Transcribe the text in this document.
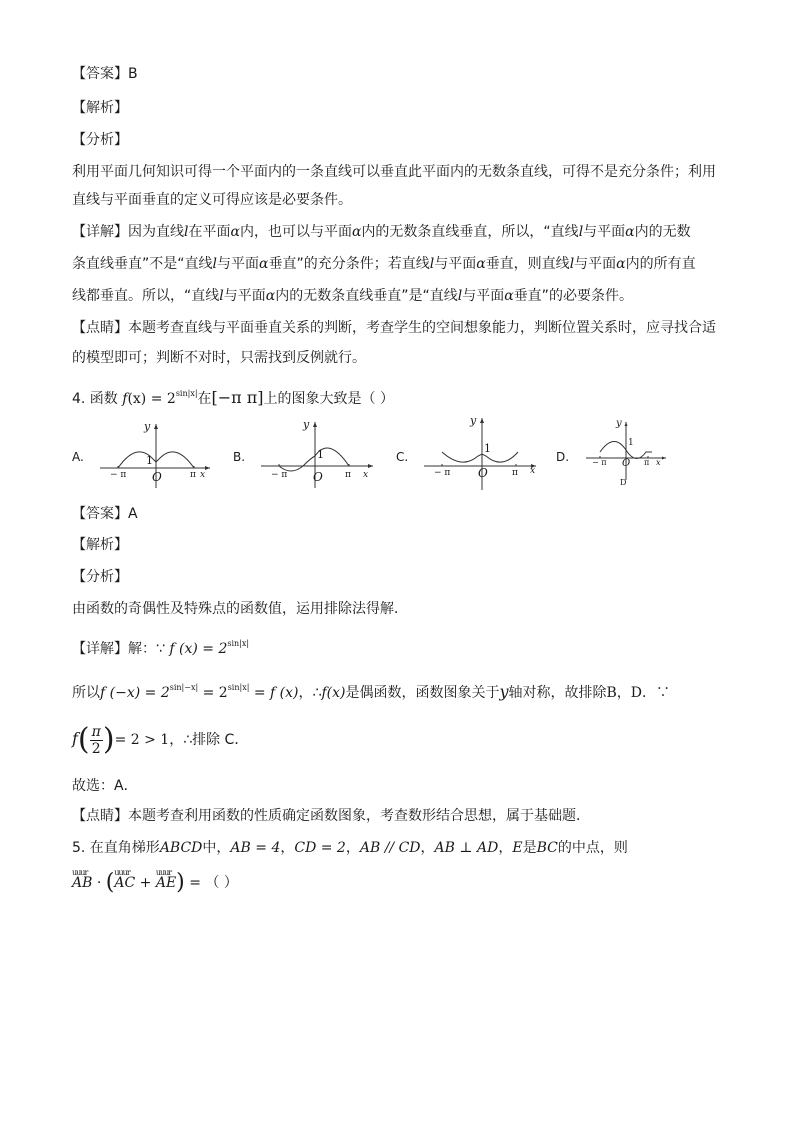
【答案】B
【解析】
【分析】
利用平面几何知识可得一个平面内的一条直线可以垂直此平面内的无数条直线，可得不是充分条件；利用
直线与平面垂直的定义可得应该是必要条件。
【详解】因为直线l在平面α内，也可以与平面α内的无数条直线垂直，所以，“直线l与平面α内的无数
条直线垂直”不是“直线l与平面α垂直”的充分条件；若直线l与平面α垂直，则直线l与平面α内的所有直
线都垂直。所以，“直线l与平面α内的无数条直线垂直”是“直线l与平面α垂直”的必要条件。
【点睛】本题考查直线与平面垂直关系的判断，考查学生的空间想象能力，判断位置关系时，应寻找合适
的模型即可；判断不对时，只需找到反例就行。
4. 函数 $f(x) = 2^{sin|x|}$在[−π π]上的图象大致是（ ）
A.
y
1
O
− π	π x
B.
y
1
O
− π	π x
C.
y
1
O
− π	π x
D.
y
1
O
− π	π x
D
【答案】A
【解析】
【分析】
由函数的奇偶性及特殊点的函数值，运用排除法得解．
【详解】解：∵ f $(x) = 2^{sin|x|}$
所以f $(-x) = 2^{sin|-x|} = 2^{sin|x|} = f$ (x)，∴f(x)是偶函数，函数图象关于y轴对称，故排除B，D．∵
$f( \frac{\pi}{2}$ )= 2 > 1，∴排除 C．
故选：A．
【点睛】本题考查利用函数的性质确定函数图象，考查数形结合思想，属于基础题．
5. 在直角梯形ABCD中，AB = 4，CD = 2，AB // CD，AB ⊥ AD，E是BC的中点，则
uuur
AB · ( uuur
AC +
uuur
AE) = （ ）
